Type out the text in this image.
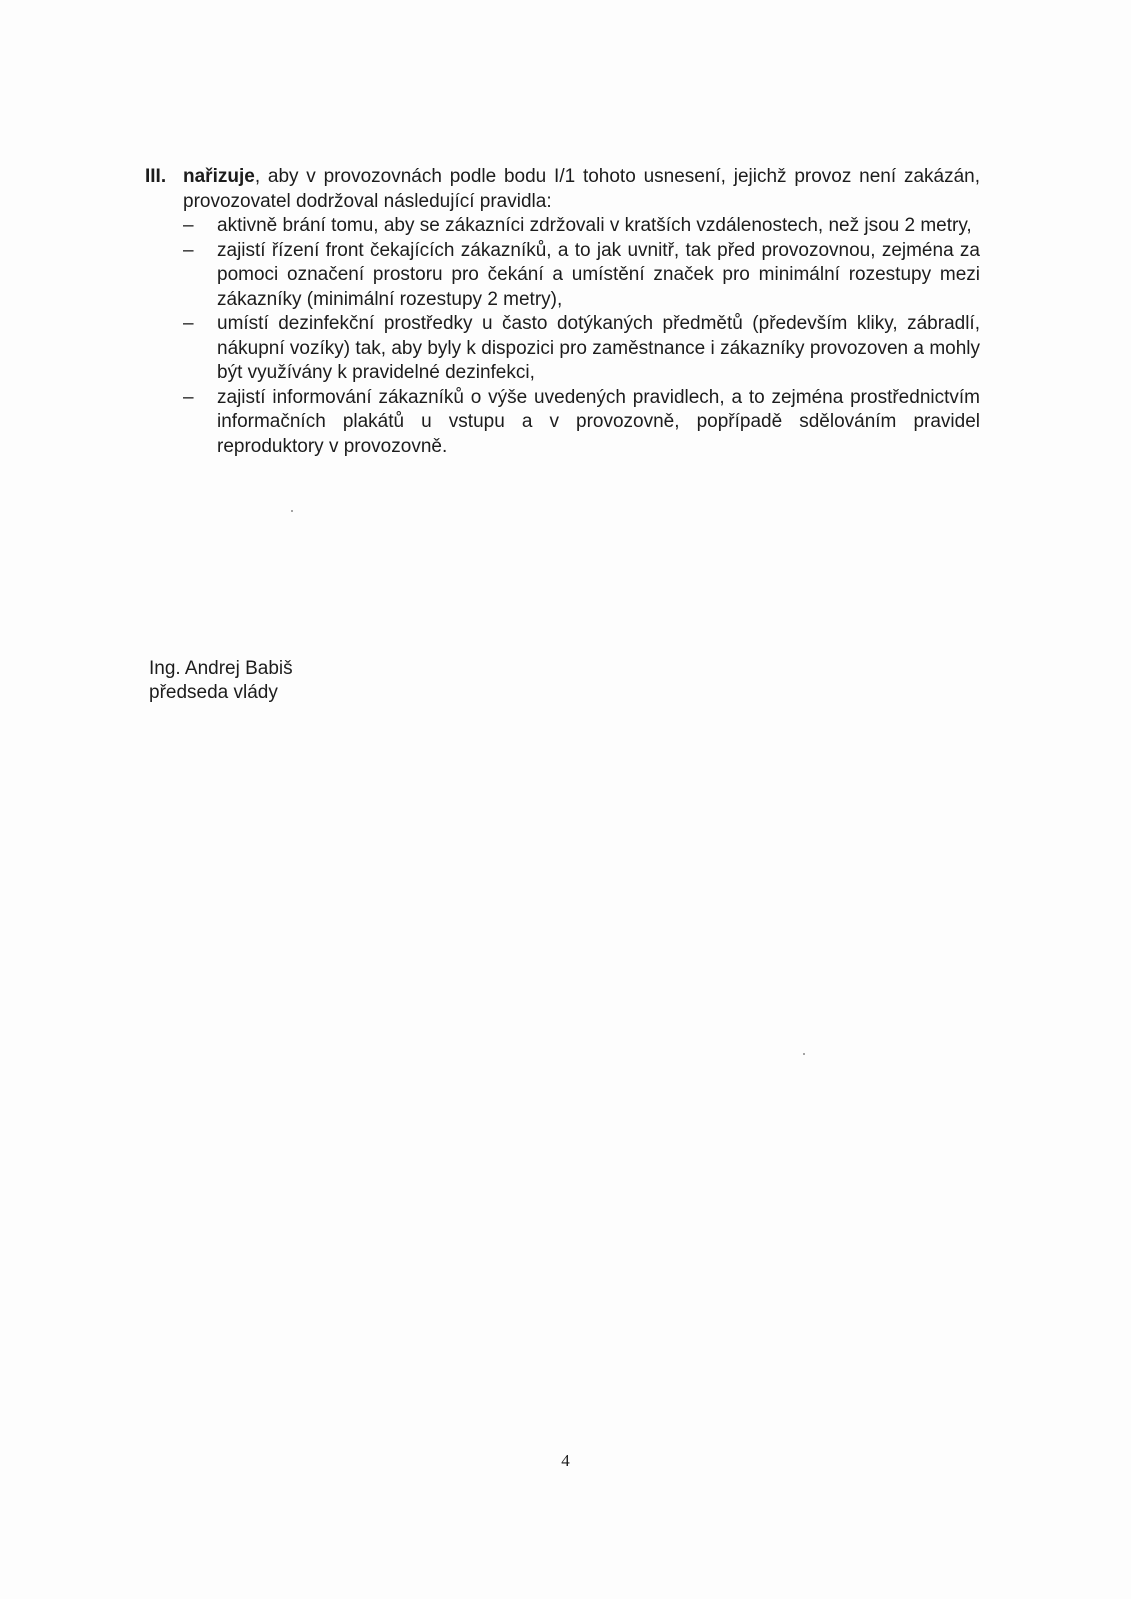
III. nařizuje, aby v provozovnách podle bodu I/1 tohoto usnesení, jejichž provoz není zakázán, provozovatel dodržoval následující pravidla:
– aktivně brání tomu, aby se zákazníci zdržovali v kratších vzdálenostech, než jsou 2 metry,
– zajistí řízení front čekajících zákazníků, a to jak uvnitř, tak před provozovnou, zejména za pomoci označení prostoru pro čekání a umístění značek pro minimální rozestupy mezi zákazníky (minimální rozestupy 2 metry),
– umístí dezinfekční prostředky u často dotýkaných předmětů (především kliky, zábradlí, nákupní vozíky) tak, aby byly k dispozici pro zaměstnance i zákazníky provozoven a mohly být využívány k pravidelné dezinfekci,
– zajistí informování zákazníků o výše uvedených pravidlech, a to zejména prostřednictvím informačních plakátů u vstupu a v provozovně, popřípadě sdělováním pravidel reproduktory v provozovně.
Ing. Andrej Babiš
předseda vlády
4
